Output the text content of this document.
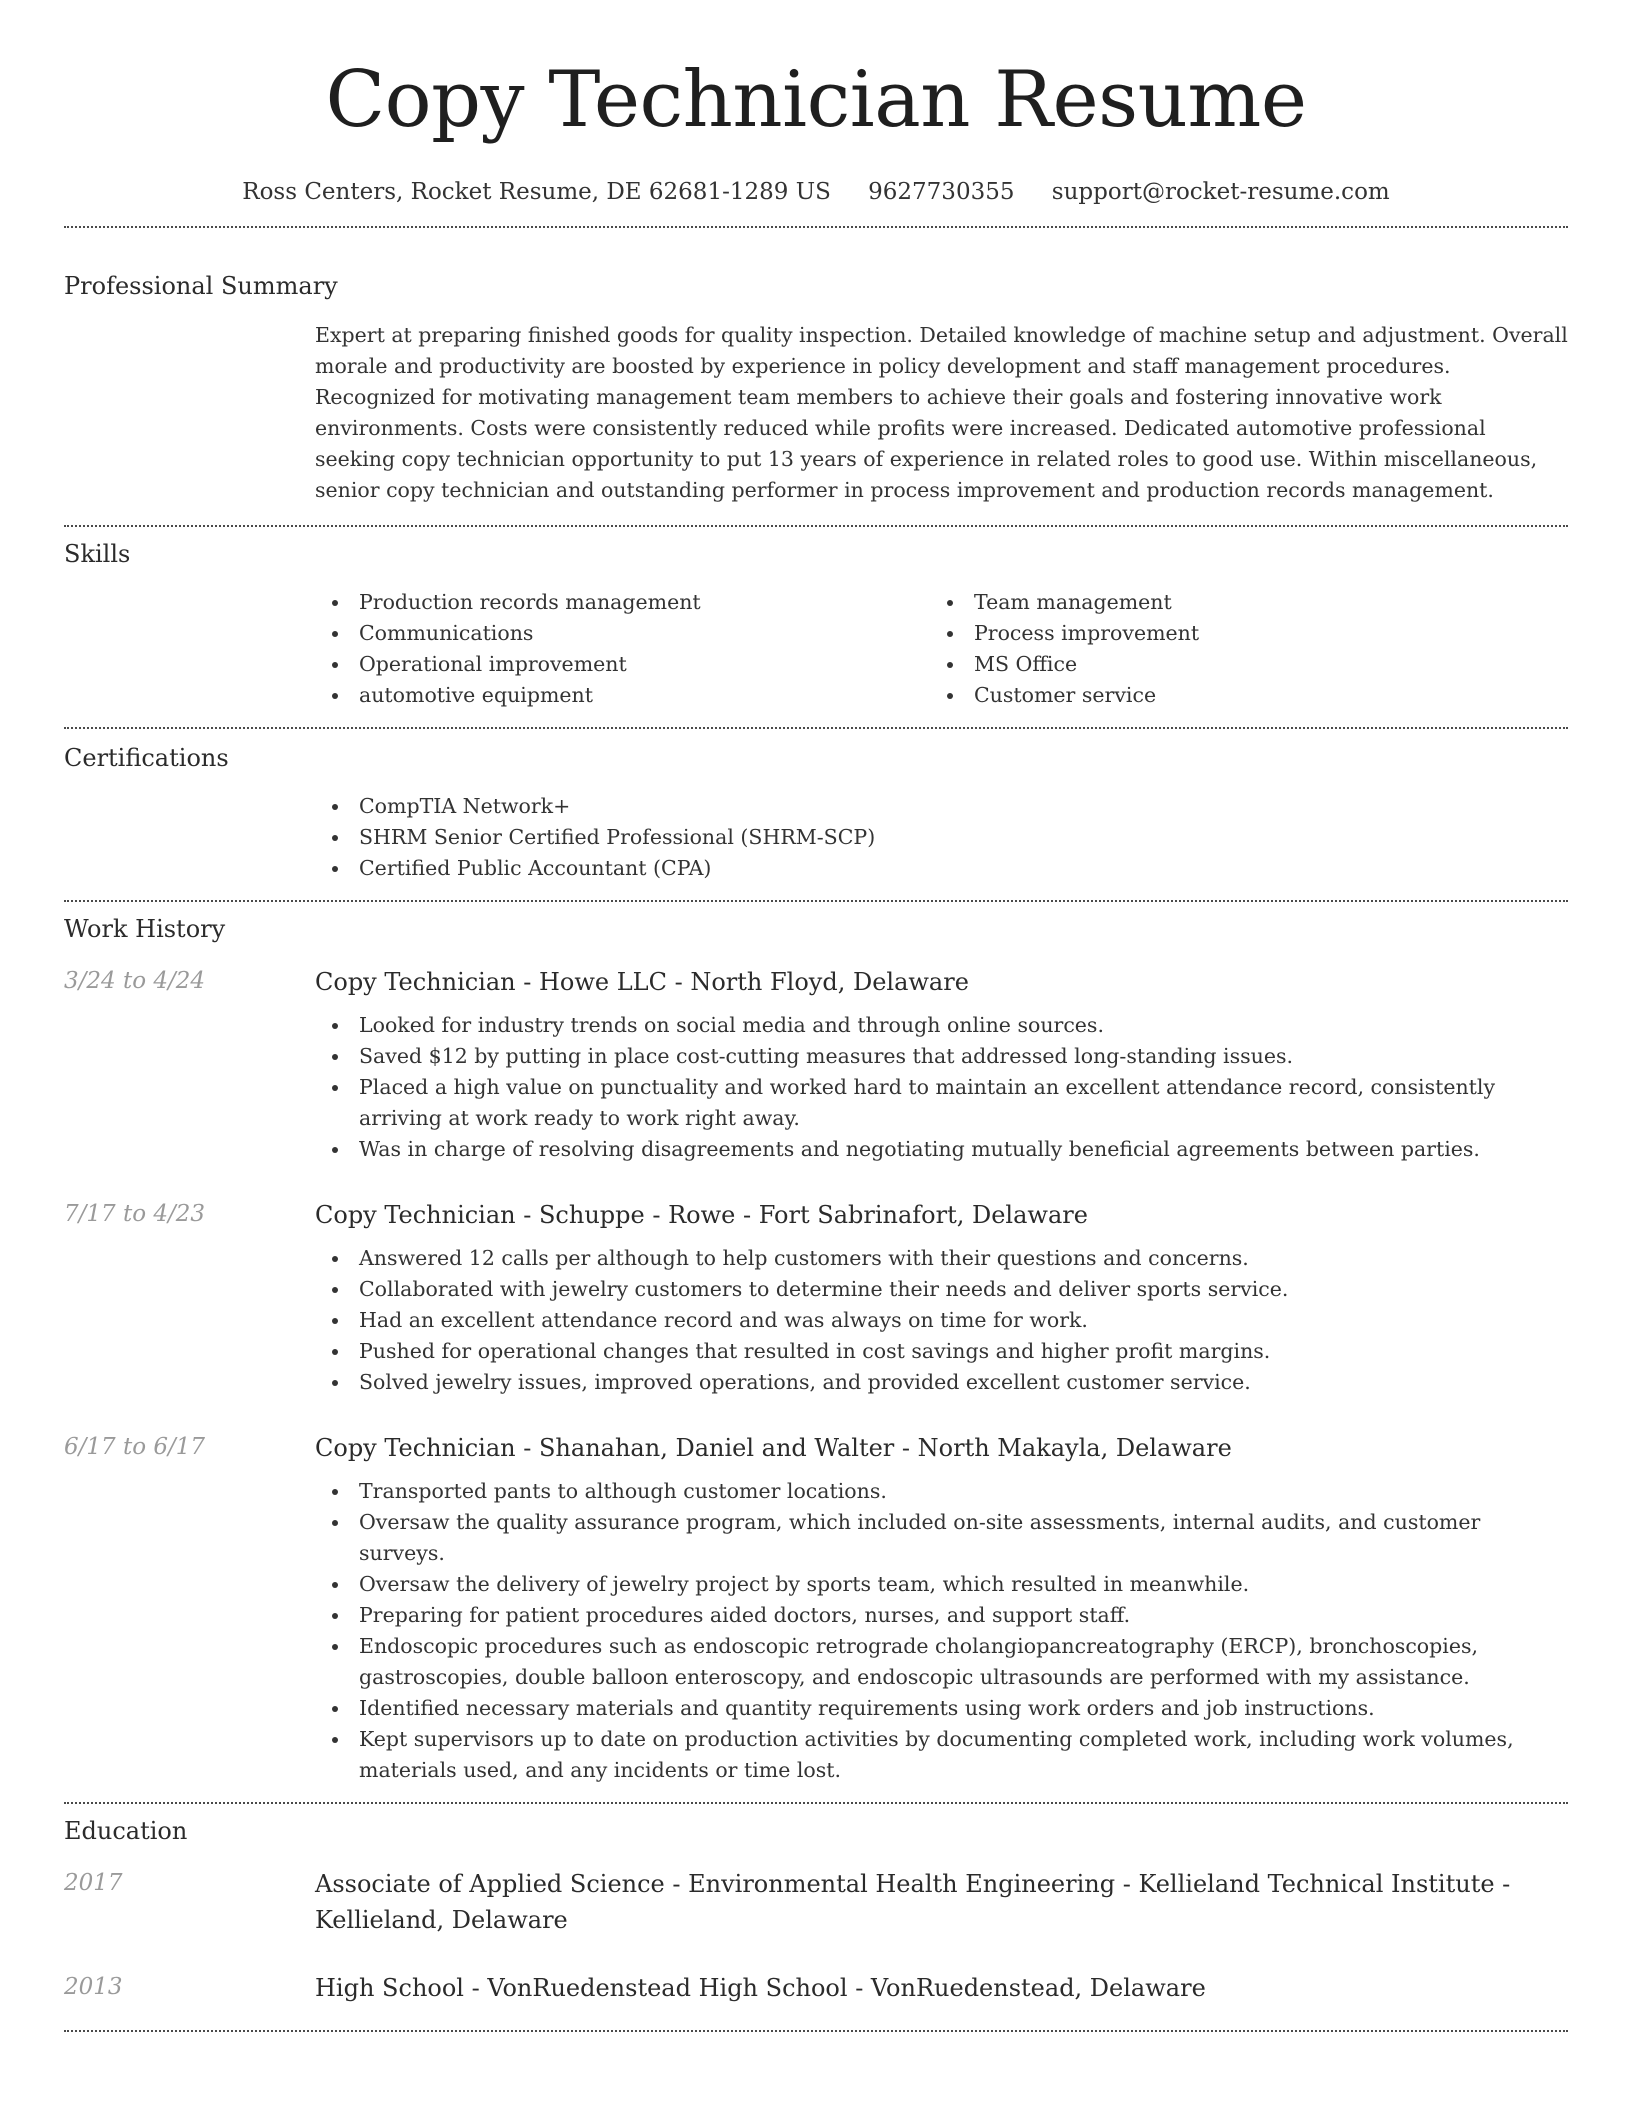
Copy Technician Resume
Ross Centers, Rocket Resume, DE 62681-1289 US 9627730355 support@rocket-resume.com
Professional Summary

Expert at preparing finished goods for quality inspection. Detailed knowledge of machine setup and adjustment. Overall morale and productivity are boosted by experience in policy development and staff management procedures. Recognized for motivating management team members to achieve their goals and fostering innovative work environments. Costs were consistently reduced while profits were increased. Dedicated automotive professional seeking copy technician opportunity to put 13 years of experience in related roles to good use. Within miscellaneous, senior copy technician and outstanding performer in process improvement and production records management.

Skills
Production records management
Communications
Operational improvement
automotive equipment
Team management
Process improvement
MS Office
Customer service
Certifications
CompTIA Network+
SHRM Senior Certified Professional (SHRM-SCP)
Certified Public Accountant (CPA)
Work History
3/24 to 4/24	Copy Technician - Howe LLC - North Floyd, Delaware
Looked for industry trends on social media and through online sources.
Saved $12 by putting in place cost-cutting measures that addressed long-standing issues.
Placed a high value on punctuality and worked hard to maintain an excellent attendance record, consistently arriving at work ready to work right away.
Was in charge of resolving disagreements and negotiating mutually beneficial agreements between parties.
7/17 to 4/23	Copy Technician - Schuppe - Rowe - Fort Sabrinafort, Delaware
Answered 12 calls per although to help customers with their questions and concerns.
Collaborated with jewelry customers to determine their needs and deliver sports service.
Had an excellent attendance record and was always on time for work.
Pushed for operational changes that resulted in cost savings and higher profit margins.
Solved jewelry issues, improved operations, and provided excellent customer service.
6/17 to 6/17	Copy Technician - Shanahan, Daniel and Walter - North Makayla, Delaware
Transported pants to although customer locations.
Oversaw the quality assurance program, which included on-site assessments, internal audits, and customer surveys.
Oversaw the delivery of jewelry project by sports team, which resulted in meanwhile.
Preparing for patient procedures aided doctors, nurses, and support staff.
Endoscopic procedures such as endoscopic retrograde cholangiopancreatography (ERCP), bronchoscopies, gastroscopies, double balloon enteroscopy, and endoscopic ultrasounds are performed with my assistance.
Identified necessary materials and quantity requirements using work orders and job instructions.
Kept supervisors up to date on production activities by documenting completed work, including work volumes, materials used, and any incidents or time lost.
Education
2017	Associate of Applied Science - Environmental Health Engineering - Kellieland Technical Institute - Kellieland, Delaware
2013	High School - VonRuedenstead High School - VonRuedenstead, Delaware
